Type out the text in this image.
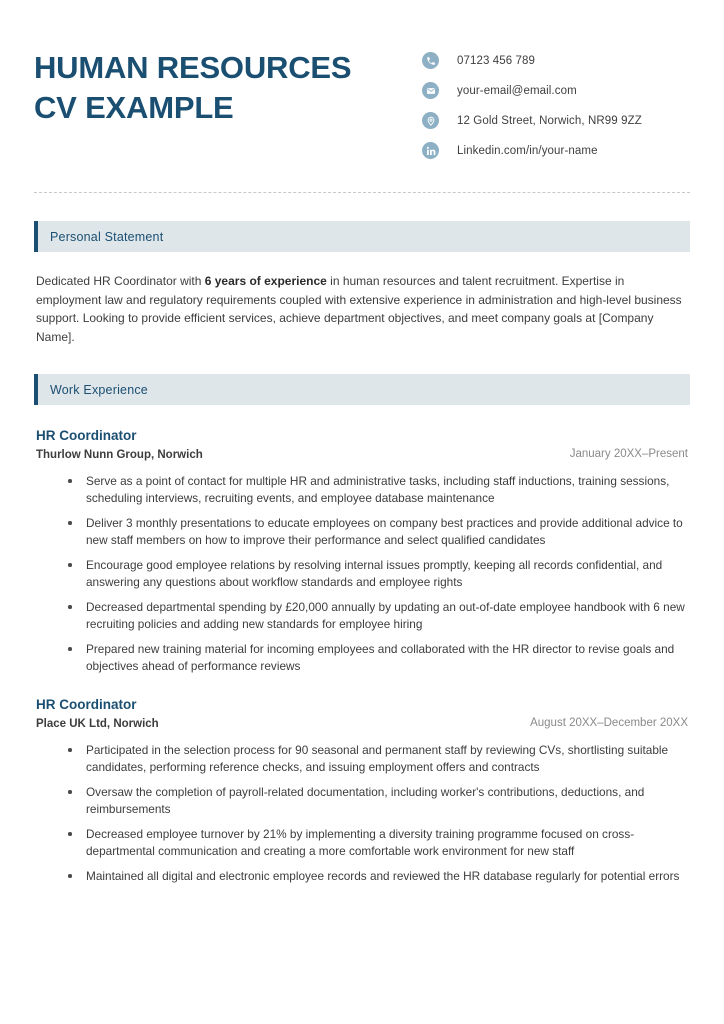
HUMAN RESOURCES
CV EXAMPLE
07123 456 789
your-email@email.com
12 Gold Street, Norwich, NR99 9ZZ
Linkedin.com/in/your-name
Personal Statement

Dedicated HR Coordinator with 6 years of experience in human resources and talent recruitment. Expertise in employment law and regulatory requirements coupled with extensive experience in administration and high-level business support. Looking to provide efficient services, achieve department objectives, and meet company goals at [Company Name].

Work Experience
HR Coordinator
Thurlow Nunn Group, Norwich	January 20XX–Present
Serve as a point of contact for multiple HR and administrative tasks, including staff inductions, training sessions, scheduling interviews, recruiting events, and employee database maintenance
Deliver 3 monthly presentations to educate employees on company best practices and provide additional advice to new staff members on how to improve their performance and select qualified candidates
Encourage good employee relations by resolving internal issues promptly, keeping all records confidential, and answering any questions about workflow standards and employee rights
Decreased departmental spending by £20,000 annually by updating an out-of-date employee handbook with 6 new recruiting policies and adding new standards for employee hiring
Prepared new training material for incoming employees and collaborated with the HR director to revise goals and objectives ahead of performance reviews
HR Coordinator
Place UK Ltd, Norwich	August 20XX–December 20XX
Participated in the selection process for 90 seasonal and permanent staff by reviewing CVs, shortlisting suitable candidates, performing reference checks, and issuing employment offers and contracts
Oversaw the completion of payroll-related documentation, including worker's contributions, deductions, and reimbursements
Decreased employee turnover by 21% by implementing a diversity training programme focused on cross-departmental communication and creating a more comfortable work environment for new staff
Maintained all digital and electronic employee records and reviewed the HR database regularly for potential errors
